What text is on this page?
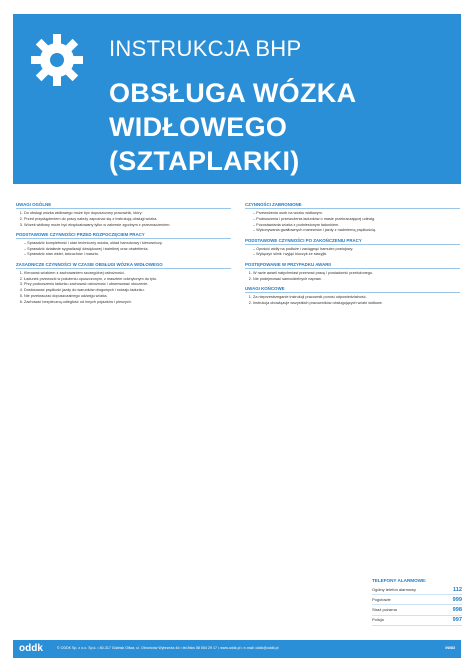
INSTRUKCJA BHP
OBSŁUGA WÓZKA WIDŁOWEGO
(SZTAPLARKI)
UWAGI OGÓLNE
1. Do obsługi wózka widłowego może być dopuszczony pracownik, który:
2. Przed przystąpieniem do pracy należy zapoznać się z instrukcją obsługi wózka.
3. Wózek widłowy może być eksploatowany tylko w zakresie zgodnym z przeznaczeniem.
PODSTAWOWE CZYNNOŚCI PRZED ROZPOCZĘCIEM PRACY
– Sprawdzić kompletność i stan techniczny wózka, układ hamulcowy i kierowniczy.
– Sprawdzić działanie sygnalizacji dźwiękowej i świetlnej oraz oświetlenia.
– Sprawdzić stan wideł, łańcuchów i masztu.
ZASADNICZE CZYNNOŚCI W CZASIE OBSŁUGI WÓZKA WIDŁOWEGO
1. Kierować wózkiem z zachowaniem szczególnej ostrożności.
2. Ładunek przewozić w położeniu opuszczonym, z masztem odchylonym do tyłu.
3. Przy podnoszeniu ładunku zachować ostrożność i obserwować otoczenie.
4. Dostosować prędkość jazdy do warunków drogowych i rodzaju ładunku.
5. Nie przekraczać dopuszczalnego udźwigu wózka.
6. Zachować bezpieczną odległość od innych pojazdów i pieszych.
CZYNNOŚCI ZABRONIONE
– Przewożenia osób na wózku widłowym.
– Podnoszenia i przewożenia ładunków o masie przekraczającej udźwig.
– Pozostawiania wózka z podniesionym ładunkiem.
– Wykonywania gwałtownych manewrów i jazdy z nadmierną prędkością.
PODSTAWOWE CZYNNOŚCI PO ZAKOŃCZENIU PRACY
– Opuścić widły na podłoże i zaciągnąć hamulec postojowy.
– Wyłączyć silnik i wyjąć kluczyk ze stacyjki.
POSTĘPOWANIE W PRZYPADKU AWARII
1. W razie awarii natychmiast przerwać pracę i powiadomić przełożonego.
2. Nie podejmować samodzielnych napraw.
UWAGI KOŃCOWE
1. Za nieprzestrzeganie instrukcji pracownik ponosi odpowiedzialność.
2. Instrukcja obowiązuje wszystkich pracowników obsługujących wózki widłowe.
TELEFONY ALARMOWE:
Ogólny telefon alarmowy	112
Pogotowie	999
Straż pożarna	998
Policja	997
oddk	© ODDK Sp. z o.o. Sp.k. • 80-317 Gdańsk Oliwa, ul. Obrońców Wybrzeża 4d • tel./faks 58 554 29 17 • www.oddk.pl • e-mail: oddk@oddk.pl	IN083
